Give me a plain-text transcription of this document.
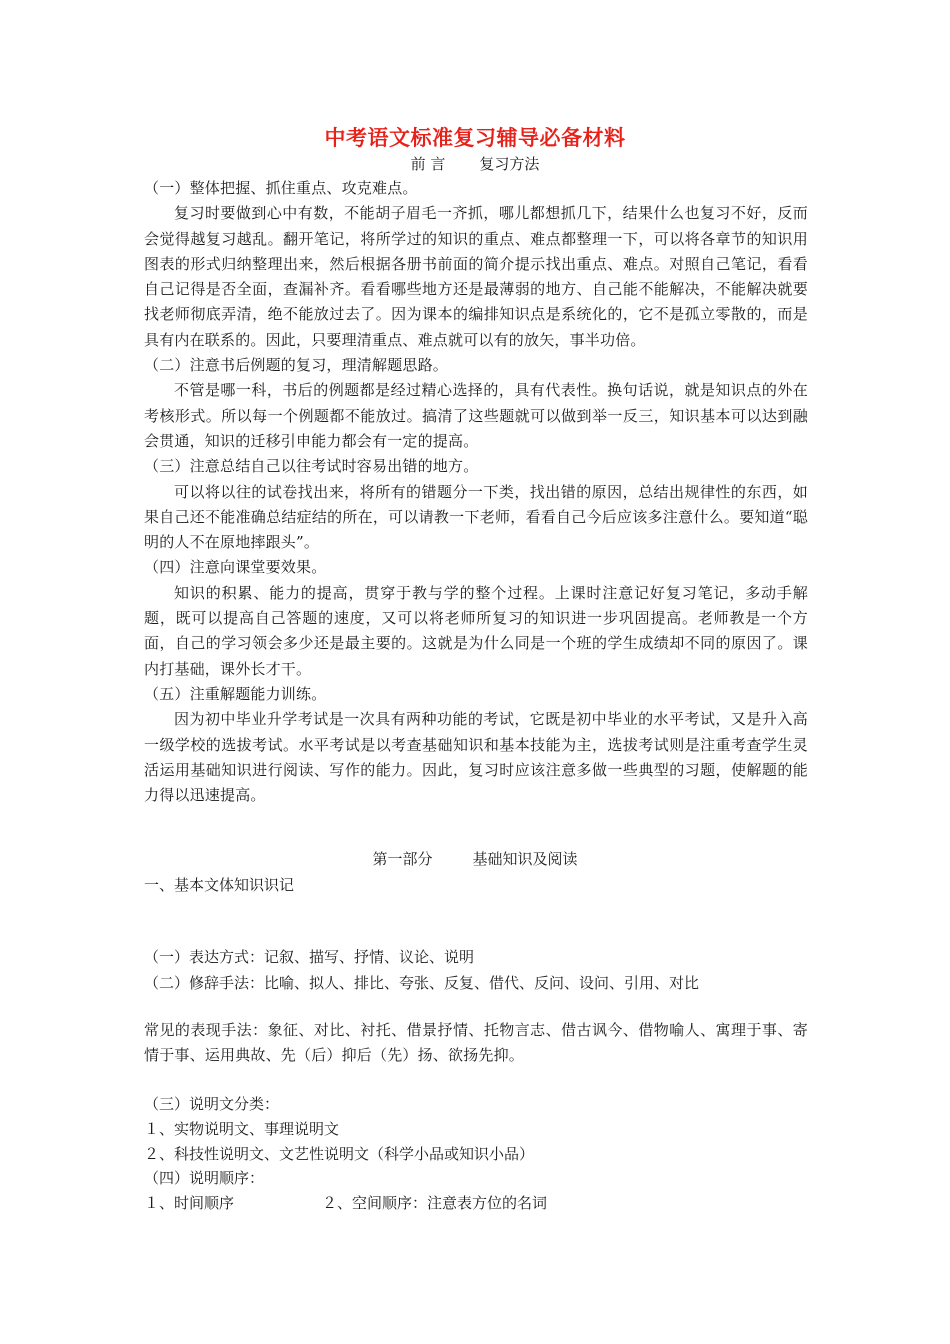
中考语文标准复习辅导必备材料
前 言 复习方法

（一）整体把握、抓住重点、攻克难点。

复习时要做到心中有数，不能胡子眉毛一齐抓，哪儿都想抓几下，结果什么也复习不好，反而会觉得越复习越乱。翻开笔记，将所学过的知识的重点、难点都整理一下，可以将各章节的知识用图表的形式归纳整理出来，然后根据各册书前面的简介提示找出重点、难点。对照自己笔记，看看自己记得是否全面，查漏补齐。看看哪些地方还是最薄弱的地方、自己能不能解决，不能解决就要找老师彻底弄清，绝不能放过去了。因为课本的编排知识点是系统化的，它不是孤立零散的，而是具有内在联系的。因此，只要理清重点、难点就可以有的放矢，事半功倍。

（二）注意书后例题的复习，理清解题思路。

不管是哪一科，书后的例题都是经过精心选择的，具有代表性。换句话说，就是知识点的外在考核形式。所以每一个例题都不能放过。搞清了这些题就可以做到举一反三，知识基本可以达到融会贯通，知识的迁移引申能力都会有一定的提高。

（三）注意总结自己以往考试时容易出错的地方。

可以将以往的试卷找出来，将所有的错题分一下类，找出错的原因，总结出规律性的东西，如果自己还不能准确总结症结的所在，可以请教一下老师，看看自己今后应该多注意什么。要知道“聪明的人不在原地摔跟头”。

（四）注意向课堂要效果。

知识的积累、能力的提高，贯穿于教与学的整个过程。上课时注意记好复习笔记，多动手解题，既可以提高自己答题的速度，又可以将老师所复习的知识进一步巩固提高。老师教是一个方面，自己的学习领会多少还是最主要的。这就是为什么同是一个班的学生成绩却不同的原因了。课内打基础，课外长才干。

（五）注重解题能力训练。

因为初中毕业升学考试是一次具有两种功能的考试，它既是初中毕业的水平考试，又是升入高一级学校的选拔考试。水平考试是以考查基础知识和基本技能为主，选拔考试则是注重考查学生灵活运用基础知识进行阅读、写作的能力。因此，复习时应该注意多做一些典型的习题，使解题的能力得以迅速提高。

第一部分	基础知识及阅读
一、基本文体知识识记
（一）表达方式：记叙、描写、抒情、议论、说明
（二）修辞手法：比喻、拟人、排比、夸张、反复、借代、反问、设问、引用、对比
常见的表现手法：象征、对比、衬托、借景抒情、托物言志、借古讽今、借物喻人、寓理于事、寄情于事、运用典故、先（后）抑后（先）扬、欲扬先抑。
（三）说明文分类：
１、实物说明文、事理说明文
２、科技性说明文、文艺性说明文（科学小品或知识小品）
（四）说明顺序：
１、时间顺序	２、空间顺序：注意表方位的名词
